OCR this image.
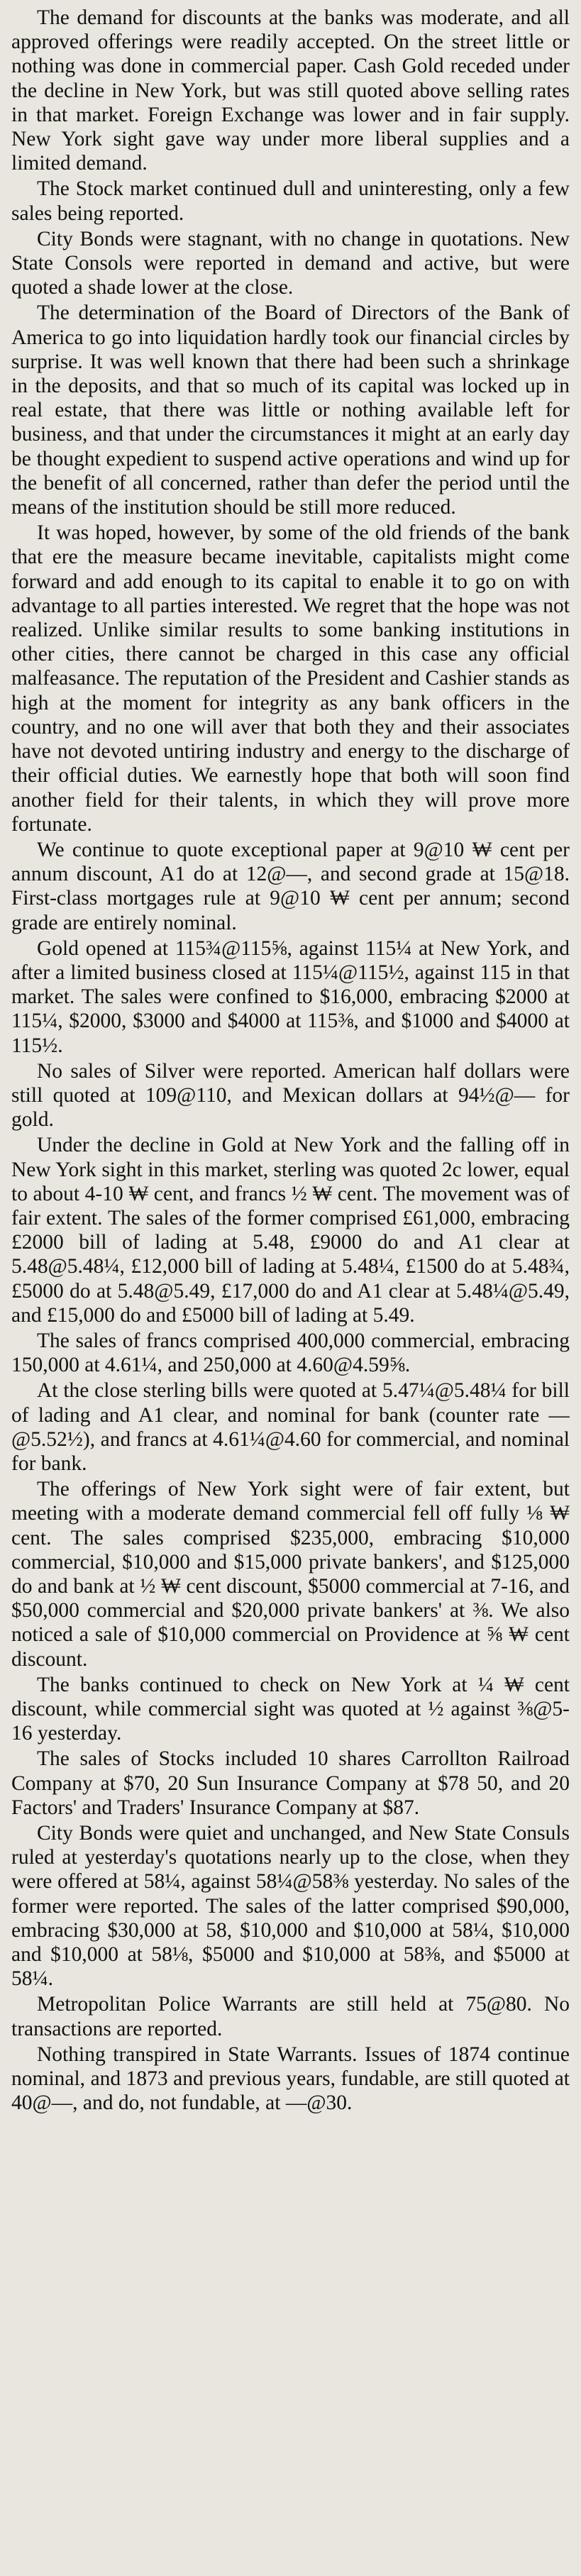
The demand for discounts at the banks was moderate, and all approved offerings were readily accepted. On the street little or nothing was done in commercial paper. Cash Gold receded under the decline in New York, but was still quoted above selling rates in that market. Foreign Exchange was lower and in fair supply. New York sight gave way under more liberal supplies and a limited demand.

The Stock market continued dull and uninteresting, only a few sales being reported.

City Bonds were stagnant, with no change in quotations. New State Consols were reported in demand and active, but were quoted a shade lower at the close.

The determination of the Board of Directors of the Bank of America to go into liquidation hardly took our financial circles by surprise. It was well known that there had been such a shrinkage in the deposits, and that so much of its capital was locked up in real estate, that there was little or nothing available left for business, and that under the circumstances it might at an early day be thought expedient to suspend active operations and wind up for the benefit of all concerned, rather than defer the period until the means of the institution should be still more reduced.

It was hoped, however, by some of the old friends of the bank that ere the measure became inevitable, capitalists might come forward and add enough to its capital to enable it to go on with advantage to all parties interested. We regret that the hope was not realized. Unlike similar results to some banking institutions in other cities, there cannot be charged in this case any official malfeasance. The reputation of the President and Cashier stands as high at the moment for integrity as any bank officers in the country, and no one will aver that both they and their associates have not devoted untiring industry and energy to the discharge of their official duties. We earnestly hope that both will soon find another field for their talents, in which they will prove more fortunate.

We continue to quote exceptional paper at 9@10 ₩ cent per annum discount, A1 do at 12@—, and second grade at 15@18. First-class mortgages rule at 9@10 ₩ cent per annum; second grade are entirely nominal.

Gold opened at 115¾@115⅝, against 115¼ at New York, and after a limited business closed at 115¼@115½, against 115 in that market. The sales were confined to $16,000, embracing $2000 at 115¼, $2000, $3000 and $4000 at 115⅜, and $1000 and $4000 at 115½.

No sales of Silver were reported. American half dollars were still quoted at 109@110, and Mexican dollars at 94½@— for gold.

Under the decline in Gold at New York and the falling off in New York sight in this market, sterling was quoted 2c lower, equal to about 4-10 ₩ cent, and francs ½ ₩ cent. The movement was of fair extent. The sales of the former comprised £61,000, embracing £2000 bill of lading at 5.48, £9000 do and A1 clear at 5.48@5.48¼, £12,000 bill of lading at 5.48¼, £1500 do at 5.48¾, £5000 do at 5.48@5.49, £17,000 do and A1 clear at 5.48¼@5.49, and £15,000 do and £5000 bill of lading at 5.49.

The sales of francs comprised 400,000 commercial, embracing 150,000 at 4.61¼, and 250,000 at 4.60@4.59⅝.

At the close sterling bills were quoted at 5.47¼@5.48¼ for bill of lading and A1 clear, and nominal for bank (counter rate —@5.52½), and francs at 4.61¼@4.60 for commercial, and nominal for bank.

The offerings of New York sight were of fair extent, but meeting with a moderate demand commercial fell off fully ⅛ ₩ cent. The sales comprised $235,000, embracing $10,000 commercial, $10,000 and $15,000 private bankers', and $125,000 do and bank at ½ ₩ cent discount, $5000 commercial at 7-16, and $50,000 commercial and $20,000 private bankers' at ⅜. We also noticed a sale of $10,000 commercial on Providence at ⅝ ₩ cent discount.

The banks continued to check on New York at ¼ ₩ cent discount, while commercial sight was quoted at ½ against ⅜@5-16 yesterday.

The sales of Stocks included 10 shares Carrollton Railroad Company at $70, 20 Sun Insurance Company at $78 50, and 20 Factors' and Traders' Insurance Company at $87.

City Bonds were quiet and unchanged, and New State Consuls ruled at yesterday's quotations nearly up to the close, when they were offered at 58¼, against 58¼@58⅜ yesterday. No sales of the former were reported. The sales of the latter comprised $90,000, embracing $30,000 at 58, $10,000 and $10,000 at 58¼, $10,000 and $10,000 at 58⅛, $5000 and $10,000 at 58⅜, and $5000 at 58¼.

Metropolitan Police Warrants are still held at 75@80. No transactions are reported.

Nothing transpired in State Warrants. Issues of 1874 continue nominal, and 1873 and previous years, fundable, are still quoted at 40@—, and do, not fundable, at —@30.
